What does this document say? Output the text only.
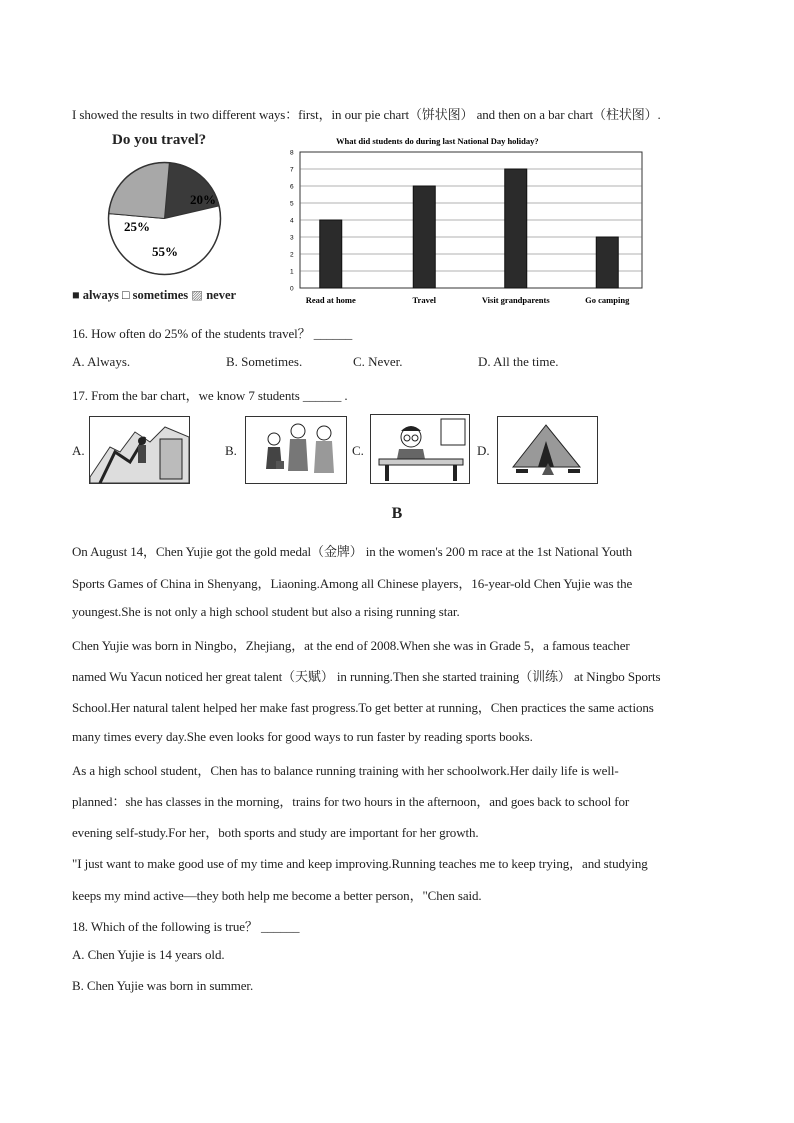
I showed the results in two different ways：first，in our pie chart（饼状图） and then on a bar chart（柱状图）.
Do you travel?
20%
25%
55%
■ always □ sometimes ▨ never
What did students do during last National Day holiday?
Read at home	Travel	Visit grandparents	Go camping
0
1
2
3
4
5
6
7
8
16. How often do 25% of the students travel？ ______
A. Always.	B. Sometimes.	C. Never.	D. All the time.
17. From the bar chart，we know 7 students ______ .
A.	B.	C.	D.
B
On August 14，Chen Yujie got the gold medal（金牌） in the women's 200 m race at the 1st National Youth
Sports Games of China in Shenyang，Liaoning.Among all Chinese players，16-year-old Chen Yujie was the
youngest.She is not only a high school student but also a rising running star.
Chen Yujie was born in Ningbo，Zhejiang，at the end of 2008.When she was in Grade 5，a famous teacher
named Wu Yacun noticed her great talent（天赋） in running.Then she started training（训练） at Ningbo Sports
School.Her natural talent helped her make fast progress.To get better at running，Chen practices the same actions
many times every day.She even looks for good ways to run faster by reading sports books.
As a high school student，Chen has to balance running training with her schoolwork.Her daily life is well-
planned：she has classes in the morning，trains for two hours in the afternoon，and goes back to school for
evening self-study.For her，both sports and study are important for her growth.
"I just want to make good use of my time and keep improving.Running teaches me to keep trying，and studying
keeps my mind active—they both help me become a better person，"Chen said.
18. Which of the following is true？ ______
A. Chen Yujie is 14 years old.
B. Chen Yujie was born in summer.
